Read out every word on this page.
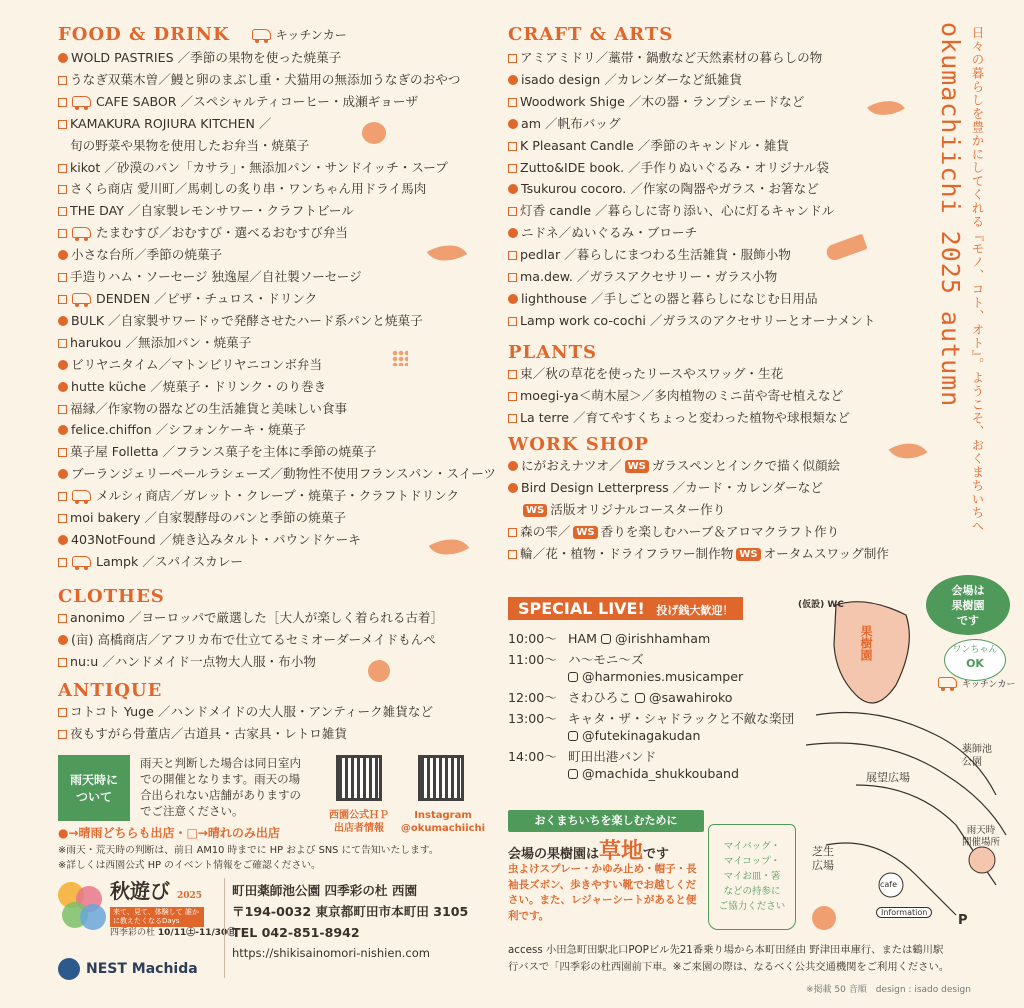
FOOD & DRINK	キッチンカー
WOLD PASTRIES ／季節の果物を使った焼菓子
うなぎ双葉木曽／鰻と卵のまぶし重・犬猫用の無添加うなぎのおやつ
CAFE SABOR ／スペシャルティコーヒー・成瀬ギョーザ
KAMAKURA ROJIURA KITCHEN ／
旬の野菜や果物を使用したお弁当・焼菓子
kikot ／砂漠のパン「カサラ」・無添加パン・サンドイッチ・スープ
さくら商店 愛川町／馬刺しの炙り串・ワンちゃん用ドライ馬肉
THE DAY ／自家製レモンサワー・クラフトビール
たまむすび／おむすび・選べるおむすび弁当
小さな台所／季節の焼菓子
手造りハム・ソーセージ 独逸屋／自社製ソーセージ
DENDEN ／ピザ・チュロス・ドリンク
BULK ／自家製サワードゥで発酵させたハード系パンと焼菓子
harukou ／無添加パン・焼菓子
ビリヤニタイム／マトンビリヤニコンボ弁当
hutte küche ／焼菓子・ドリンク・のり巻き
福縁／作家物の器などの生活雑貨と美味しい食事
felice.chiffon ／シフォンケーキ・焼菓子
菓子屋 Folletta ／フランス菓子を主体に季節の焼菓子
ブーランジェリーペールラシェーズ／動物性不使用フランスパン・スイーツ
メルシィ商店／ガレット・クレープ・焼菓子・クラフトドリンク
moi bakery ／自家製酵母のパンと季節の焼菓子
403NotFound ／焼き込みタルト・パウンドケーキ
Lampk ／スパイスカレー
CLOTHES
anonimo ／ヨーロッパで厳選した［大人が楽しく着られる古着］
(亩) 高橋商店／アフリカ布で仕立てるセミオーダーメイドもんぺ
nu:u ／ハンドメイド一点物大人服・布小物
ANTIQUE
コトコト Yuge ／ハンドメイドの大人服・アンティーク雑貨など
夜もすがら骨董店／古道具・古家具・レトロ雑貨
雨天時に
ついて
雨天と判断した場合は同日室内
での開催となります。雨天の場
合出られない店舗がありますの
でご注意ください。	西園公式ＨＰ
出店者情報
Instagram
@okumachiichi
●→晴雨どちらも出店・□→晴れのみ出店
※雨天・荒天時の判断は、前日 AM10 時までに HP および SNS にて告知いたします。
※詳しくは西園公式 HP のイベント情報をご確認ください。
秋遊び 2025
来て、見て、体験して 誰かに教えたくなるDays
四季彩の杜 10/11㊏-11/30㊐
NEST Machida
町田薬師池公園 四季彩の杜 西園
〒194-0032 東京都町田市本町田 3105
TEL 042-851-8942
https://shikisainomori-nishien.com
CRAFT & ARTS
アミアミドリ／藁帯・鍋敷など天然素材の暮らしの物
isado design ／カレンダーなど紙雑貨
Woodwork Shige ／木の器・ランプシェードなど
am ／帆布バッグ
K Pleasant Candle ／季節のキャンドル・雑貨
Zutto&IDE book. ／手作りぬいぐるみ・オリジナル袋
Tsukurou cocoro. ／作家の陶器やガラス・お箸など
灯香 candle ／暮らしに寄り添い、心に灯るキャンドル
ニドネ／ぬいぐるみ・ブローチ
pedlar ／暮らしにまつわる生活雑貨・服飾小物
ma.dew. ／ガラスアクセサリー・ガラス小物
lighthouse ／手しごとの器と暮らしになじむ日用品
Lamp work co-cochi ／ガラスのアクセサリーとオーナメント
PLANTS
束／秋の草花を使ったリースやスワッグ・生花
moegi-ya＜萌木屋＞／多肉植物のミニ苗や寄せ植えなど
La terre ／育てやすくちょっと変わった植物や球根類など
WORK SHOP
にがおえナツオ／ WS ガラスペンとインクで描く似顔絵
Bird Design Letterpress ／カード・カレンダーなど
WS 活版オリジナルコースター作り
森の雫／ WS 香りを楽しむハーブ＆アロマクラフト作り
輪／花・植物・ドライフラワー制作物 WS オータムスワッグ制作
okumachiichi 2025 autumn 日々の暮らしを豊かにしてくれる『モノ、コト、オト』。ようこそ、おくまちいちへ
SPECIAL LIVE! 投げ銭大歓迎！
10:00〜 HAM @irishhamham
11:00〜 ハ〜モニ〜ズ
@harmonies.musicamper
12:00〜 さわひろこ @sawahiroko
13:00〜 キャタ・ザ・シャドラックと不敵な楽団
@futekinagakudan
14:00〜 町田出港バンド
@machida_shukkouband
おくまちいちを楽しむために
会場の果樹園は草地です
虫よけスプレー・かゆみ止め・帽子・長
袖長ズボン、歩きやすい靴でお越しくだ
さい。また、レジャーシートがあると便
利です。
マイバッグ・
マイコップ・
マイお皿・箸
などの持参に
ご協力ください
会場は
果樹園
です
ワンちゃん
OK
(仮設) WC
果樹園
キッチンカー
薬師池
公園
展望広場
芝生
広場
雨天時
開催場所
cafe
Information
P
access 小田急町田駅北口POPビル先21番乗り場から本町田経由 野津田車庫行、または鶴川駅
行バスで「四季彩の杜西園前下車。※ご来園の際は、なるべく公共交通機関をご利用ください。
※掲載 50 音順　design : isado design
